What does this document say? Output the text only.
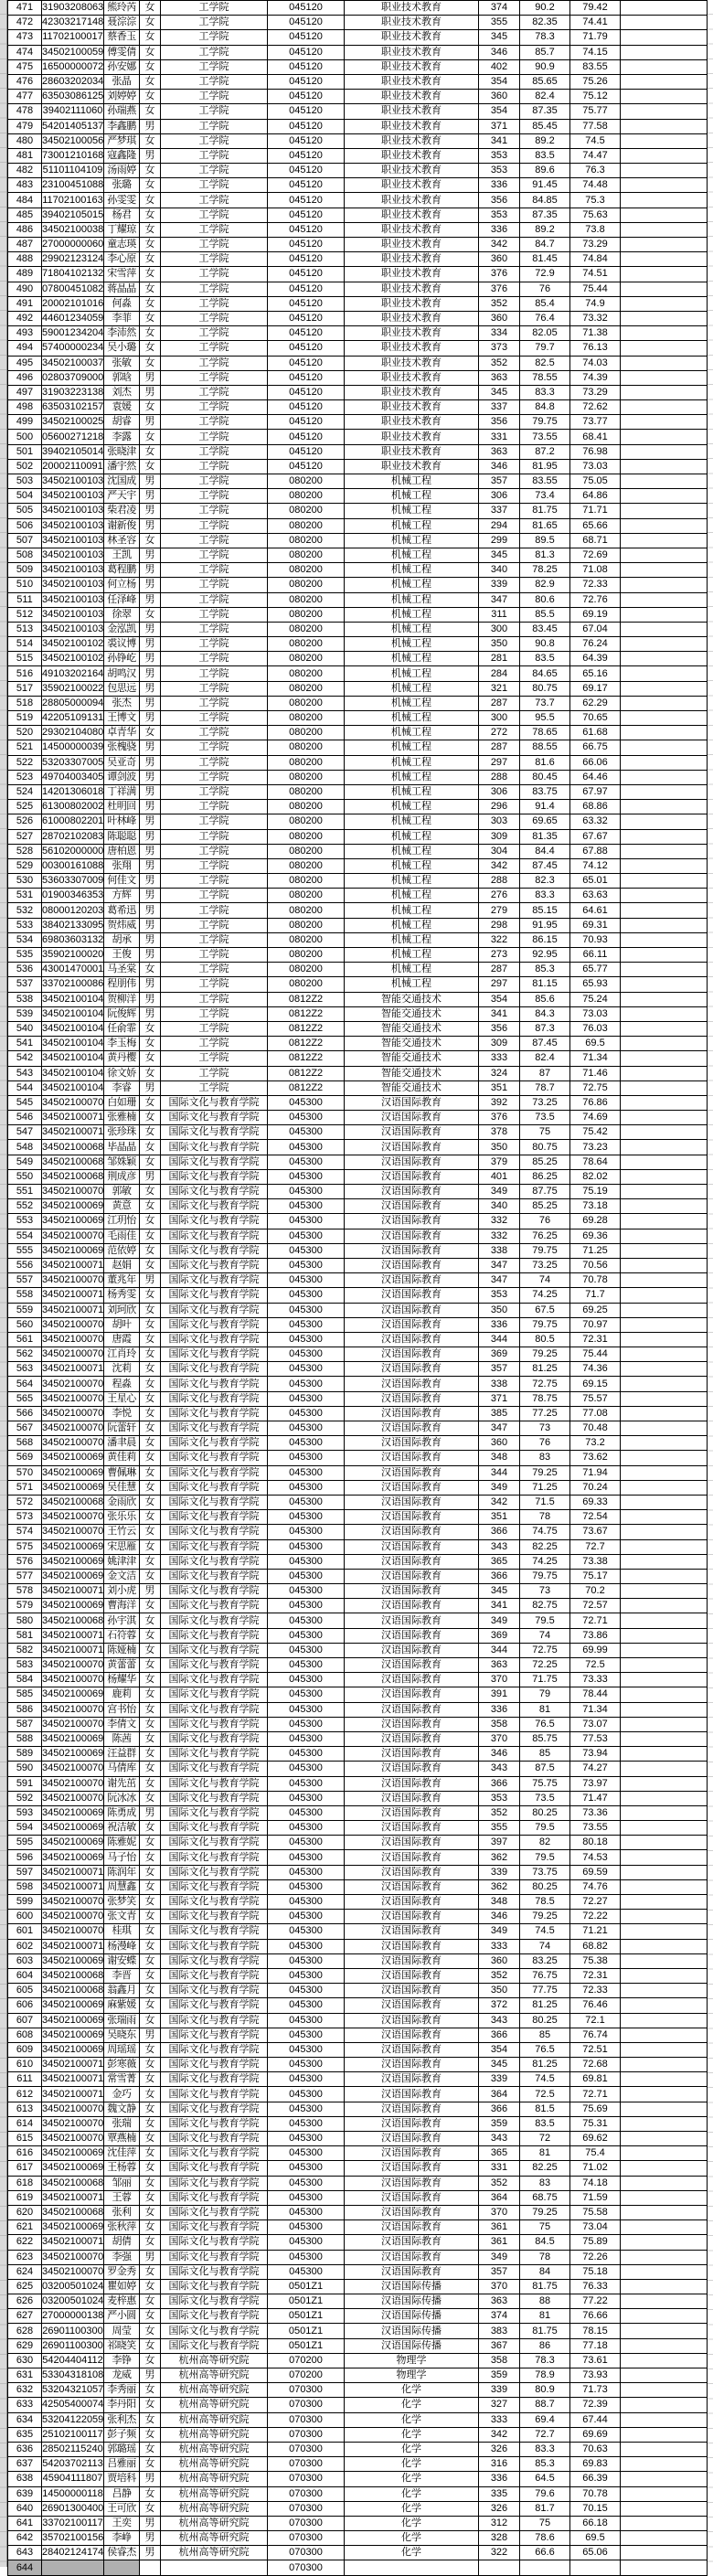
471	31903208063	熊玲芮	女	工学院	045120	职业技术教育	374	90.2	79.42	
472	42303217148	聂淙淙	女	工学院	045120	职业技术教育	355	82.35	74.41	
473	11702100017	蔡香玉	女	工学院	045120	职业技术教育	345	78.3	71.79	
474	34502100059	傅雯倩	女	工学院	045120	职业技术教育	346	85.7	74.15	
475	16500000072	孙安娜	女	工学院	045120	职业技术教育	402	90.9	83.55	
476	28603202034	张晶	女	工学院	045120	职业技术教育	354	85.65	75.26	
477	63503086125	刘婷婷	女	工学院	045120	职业技术教育	360	82.4	75.12	
478	39402111060	孙瑞燕	女	工学院	045120	职业技术教育	354	87.35	75.77	
479	54201405137	李鑫鹏	男	工学院	045120	职业技术教育	371	85.45	77.58	
480	34502100056	严梦琪	女	工学院	045120	职业技术教育	341	89.2	74.5	
481	73001210168	寇鑫隆	男	工学院	045120	职业技术教育	353	83.5	74.47	
482	51101104109	汤雨婷	女	工学院	045120	职业技术教育	353	89.6	76.3	
483	23100451088	张璐	女	工学院	045120	职业技术教育	336	91.45	74.48	
484	11702100163	孙雯雯	女	工学院	045120	职业技术教育	356	84.85	75.3	
485	39402105015	杨君	女	工学院	045120	职业技术教育	353	87.35	75.63	
486	34502100038	丁耀琼	女	工学院	045120	职业技术教育	336	89.2	73.8	
487	27000000060	童志瑛	女	工学院	045120	职业技术教育	342	84.7	73.29	
488	29902123124	李心原	女	工学院	045120	职业技术教育	360	81.45	74.84	
489	71804102132	宋雪萍	女	工学院	045120	职业技术教育	376	72.9	74.51	
490	07800451082	蒋晶晶	女	工学院	045120	职业技术教育	376	76	75.44	
491	20002101016	何淼	女	工学院	045120	职业技术教育	352	85.4	74.9	
492	44601234059	李菲	女	工学院	045120	职业技术教育	360	76.4	73.32	
493	59001234204	李沛然	女	工学院	045120	职业技术教育	334	82.05	71.38	
494	57400000234	吴小璐	女	工学院	045120	职业技术教育	373	79.7	76.13	
495	34502100037	张敏	女	工学院	045120	职业技术教育	352	82.5	74.03	
496	02803709000	郭晗	男	工学院	045120	职业技术教育	363	78.55	74.39	
497	31903223138	刘杰	男	工学院	045120	职业技术教育	345	83.3	73.29	
498	63503102157	袁媛	女	工学院	045120	职业技术教育	337	84.8	72.62	
499	34502100025	胡睿	男	工学院	045120	职业技术教育	356	79.75	73.77	
500	05600271218	李露	女	工学院	045120	职业技术教育	331	73.55	68.41	
501	39402105014	张晓津	女	工学院	045120	职业技术教育	363	87.2	76.98	
502	20002110091	潘宇然	女	工学院	045120	职业技术教育	346	81.95	73.03	
503	34502100103	沈国成	男	工学院	080200	机械工程	357	83.55	75.05	
504	34502100103	严天宇	男	工学院	080200	机械工程	306	73.4	64.86	
505	34502100103	柴君凌	男	工学院	080200	机械工程	337	81.75	71.71	
506	34502100103	谢新俊	男	工学院	080200	机械工程	294	81.65	65.66	
507	34502100103	林圣容	女	工学院	080200	机械工程	299	89.5	68.71	
508	34502100103	王凯	男	工学院	080200	机械工程	345	81.3	72.69	
509	34502100103	葛程鹏	男	工学院	080200	机械工程	340	78.25	71.08	
510	34502100103	何立杨	男	工学院	080200	机械工程	339	82.9	72.33	
511	34502100103	任泽峰	男	工学院	080200	机械工程	347	80.6	72.76	
512	34502100103	徐翠	女	工学院	080200	机械工程	311	85.5	69.19	
513	34502100103	金泓凯	男	工学院	080200	机械工程	300	83.45	67.04	
514	34502100102	裘议博	男	工学院	080200	机械工程	350	90.8	76.24	
515	34502100102	孙铮屹	男	工学院	080200	机械工程	281	83.5	64.39	
516	49103202164	胡鸣汉	男	工学院	080200	机械工程	284	84.65	65.16	
517	35902100022	包思远	男	工学院	080200	机械工程	321	80.75	69.17	
518	28805000094	张杰	男	工学院	080200	机械工程	287	73.7	62.29	
519	42205109131	王博文	男	工学院	080200	机械工程	300	95.5	70.65	
520	29302104080	卓青华	女	工学院	080200	机械工程	272	78.65	61.68	
521	14500000039	张槐骁	男	工学院	080200	机械工程	287	88.55	66.75	
522	53203307005	吴亚奇	男	工学院	080200	机械工程	297	81.6	66.06	
523	49704003405	谭剑波	男	工学院	080200	机械工程	288	80.45	64.46	
524	14201306018	丁祥满	男	工学院	080200	机械工程	306	83.75	67.97	
525	61300802002	杜明回	男	工学院	080200	机械工程	296	91.4	68.86	
526	61000802201	叶林峰	男	工学院	080200	机械工程	303	69.65	63.32	
527	28702102083	陈聪聪	男	工学院	080200	机械工程	309	81.35	67.67	
528	56102000000	唐柏恩	男	工学院	080200	机械工程	304	84.4	67.88	
529	00300161088	张翔	男	工学院	080200	机械工程	342	87.45	74.12	
530	53603307009	何佳文	男	工学院	080200	机械工程	288	82.3	65.01	
531	01900346353	方辉	男	工学院	080200	机械工程	276	83.3	63.63	
532	08000120203	葛希迅	男	工学院	080200	机械工程	279	85.15	64.61	
533	38402133095	贺炜威	男	工学院	080200	机械工程	298	91.95	69.31	
534	69803603132	胡承	男	工学院	080200	机械工程	322	86.15	70.93	
535	35902100020	王俊	男	工学院	080200	机械工程	273	92.95	66.11	
536	43001470001	马圣棠	女	工学院	080200	机械工程	287	85.3	65.77	
537	33702100086	程朋伟	男	工学院	080200	机械工程	297	81.15	65.93	
538	34502100104	贺柳洋	男	工学院	0812Z2	智能交通技术	354	85.6	75.24	
539	34502100104	阮俊辉	男	工学院	0812Z2	智能交通技术	341	84.3	73.03	
540	34502100104	任俞霏	女	工学院	0812Z2	智能交通技术	356	87.3	76.03	
541	34502100104	李玉梅	女	工学院	0812Z2	智能交通技术	309	87.45	69.5	
542	34502100104	黄丹樱	女	工学院	0812Z2	智能交通技术	333	82.4	71.34	
543	34502100104	徐文娇	女	工学院	0812Z2	智能交通技术	324	87	71.46	
544	34502100104	李睿	男	工学院	0812Z2	智能交通技术	351	78.7	72.75	
545	34502100070	白如珊	女	国际文化与教育学院	045300	汉语国际教育	392	73.25	76.86	
546	34502100071	张雅楠	女	国际文化与教育学院	045300	汉语国际教育	376	73.5	74.69	
547	34502100071	张珍珠	女	国际文化与教育学院	045300	汉语国际教育	378	75	75.42	
548	34502100068	毕晶晶	女	国际文化与教育学院	045300	汉语国际教育	350	80.75	73.23	
549	34502100068	邹姝颖	女	国际文化与教育学院	045300	汉语国际教育	379	85.25	78.64	
550	34502100068	荆成彦	男	国际文化与教育学院	045300	汉语国际教育	401	86.25	82.02	
551	34502100070	郭敏	女	国际文化与教育学院	045300	汉语国际教育	349	87.75	75.19	
552	34502100069	黄意	女	国际文化与教育学院	045300	汉语国际教育	340	85.25	73.18	
553	34502100069	江玥怡	女	国际文化与教育学院	045300	汉语国际教育	332	76	69.28	
554	34502100070	毛雨佳	女	国际文化与教育学院	045300	汉语国际教育	332	76.25	69.36	
555	34502100069	范依婷	女	国际文化与教育学院	045300	汉语国际教育	338	79.75	71.25	
556	34502100071	赵娟	女	国际文化与教育学院	045300	汉语国际教育	347	73.25	70.56	
557	34502100070	董兆年	男	国际文化与教育学院	045300	汉语国际教育	347	74	70.78	
558	34502100071	杨秀雯	女	国际文化与教育学院	045300	汉语国际教育	353	74.25	71.7	
559	34502100071	刘珂欣	女	国际文化与教育学院	045300	汉语国际教育	350	67.5	69.25	
560	34502100070	胡叶	女	国际文化与教育学院	045300	汉语国际教育	336	79.75	70.97	
561	34502100070	唐霞	女	国际文化与教育学院	045300	汉语国际教育	344	80.5	72.31	
562	34502100070	江肖玲	女	国际文化与教育学院	045300	汉语国际教育	369	79.25	75.44	
563	34502100071	沈莉	女	国际文化与教育学院	045300	汉语国际教育	357	81.25	74.36	
564	34502100070	程淼	女	国际文化与教育学院	045300	汉语国际教育	338	72.75	69.15	
565	34502100070	王星心	女	国际文化与教育学院	045300	汉语国际教育	371	78.75	75.57	
566	34502100070	李悦	女	国际文化与教育学院	045300	汉语国际教育	385	77.25	77.08	
567	34502100070	阮蕾轩	女	国际文化与教育学院	045300	汉语国际教育	347	73	70.48	
568	34502100070	潘聿晨	女	国际文化与教育学院	045300	汉语国际教育	360	76	73.2	
569	34502100069	黄佳莉	女	国际文化与教育学院	045300	汉语国际教育	348	83	73.62	
570	34502100069	曹佩琳	女	国际文化与教育学院	045300	汉语国际教育	344	79.25	71.94	
571	34502100069	吴佳慧	女	国际文化与教育学院	045300	汉语国际教育	349	71.25	70.24	
572	34502100068	金雨欣	女	国际文化与教育学院	045300	汉语国际教育	342	71.5	69.33	
573	34502100070	张乐乐	女	国际文化与教育学院	045300	汉语国际教育	351	78	72.54	
574	34502100070	王竹云	女	国际文化与教育学院	045300	汉语国际教育	366	74.75	73.67	
575	34502100069	宋思雁	女	国际文化与教育学院	045300	汉语国际教育	343	82.25	72.7	
576	34502100069	姚津津	女	国际文化与教育学院	045300	汉语国际教育	365	74.25	73.38	
577	34502100069	金文洁	女	国际文化与教育学院	045300	汉语国际教育	366	79.75	75.17	
578	34502100071	刘小虎	男	国际文化与教育学院	045300	汉语国际教育	345	73	70.2	
579	34502100069	曹海洋	女	国际文化与教育学院	045300	汉语国际教育	341	82.75	72.57	
580	34502100068	孙宇淇	女	国际文化与教育学院	045300	汉语国际教育	349	79.5	72.71	
581	34502100071	石符蓉	女	国际文化与教育学院	045300	汉语国际教育	369	74	73.86	
582	34502100071	陈娅楠	女	国际文化与教育学院	045300	汉语国际教育	344	72.75	69.99	
583	34502100070	黄蕾蕾	女	国际文化与教育学院	045300	汉语国际教育	363	72.25	72.5	
584	34502100070	杨耀华	女	国际文化与教育学院	045300	汉语国际教育	370	71.75	73.33	
585	34502100069	鹿莉	女	国际文化与教育学院	045300	汉语国际教育	391	79	78.44	
586	34502100070	宫书怡	女	国际文化与教育学院	045300	汉语国际教育	336	81	71.34	
587	34502100070	李倩文	女	国际文化与教育学院	045300	汉语国际教育	358	76.5	73.07	
588	34502100069	陈茜	女	国际文化与教育学院	045300	汉语国际教育	370	85.75	77.53	
589	34502100069	汪益群	女	国际文化与教育学院	045300	汉语国际教育	346	85	73.94	
590	34502100070	马倩库	女	国际文化与教育学院	045300	汉语国际教育	343	87.5	74.27	
591	34502100070	谢先茁	女	国际文化与教育学院	045300	汉语国际教育	366	75.75	73.97	
592	34502100070	阮冰冰	女	国际文化与教育学院	045300	汉语国际教育	353	73.5	71.47	
593	34502100069	陈勇成	男	国际文化与教育学院	045300	汉语国际教育	352	80.25	73.36	
594	34502100069	祝洁敏	女	国际文化与教育学院	045300	汉语国际教育	355	79.5	73.55	
595	34502100069	陈雅妮	女	国际文化与教育学院	045300	汉语国际教育	397	82	80.18	
596	34502100069	马子怡	女	国际文化与教育学院	045300	汉语国际教育	362	79.5	74.53	
597	34502100071	陈润年	女	国际文化与教育学院	045300	汉语国际教育	339	73.75	69.59	
598	34502100071	周慧鑫	女	国际文化与教育学院	045300	汉语国际教育	362	80.25	74.76	
599	34502100070	张梦笑	女	国际文化与教育学院	045300	汉语国际教育	348	78.5	72.27	
600	34502100070	张文青	女	国际文化与教育学院	045300	汉语国际教育	346	79.25	72.22	
601	34502100070	桂琪	女	国际文化与教育学院	045300	汉语国际教育	349	74.5	71.21	
602	34502100071	杨漫峰	女	国际文化与教育学院	045300	汉语国际教育	333	74	68.82	
603	34502100069	谢安蝶	女	国际文化与教育学院	045300	汉语国际教育	360	83.25	75.38	
604	34502100068	李晋	女	国际文化与教育学院	045300	汉语国际教育	352	76.75	72.31	
605	34502100068	翁鑫月	女	国际文化与教育学院	045300	汉语国际教育	350	77.75	72.33	
606	34502100069	麻紫媛	女	国际文化与教育学院	045300	汉语国际教育	372	81.25	76.46	
607	34502100069	张瑞雨	女	国际文化与教育学院	045300	汉语国际教育	343	80.25	72.1	
608	34502100069	吴晓东	男	国际文化与教育学院	045300	汉语国际教育	366	85	76.74	
609	34502100069	周瑶瑶	女	国际文化与教育学院	045300	汉语国际教育	354	76.5	72.51	
610	34502100071	彭寒薇	女	国际文化与教育学院	045300	汉语国际教育	345	81.25	72.68	
611	34502100071	常雪菁	女	国际文化与教育学院	045300	汉语国际教育	339	74.5	69.81	
612	34502100071	金巧	女	国际文化与教育学院	045300	汉语国际教育	364	72.5	72.71	
613	34502100070	魏文静	女	国际文化与教育学院	045300	汉语国际教育	366	81.5	75.69	
614	34502100070	张瑞	女	国际文化与教育学院	045300	汉语国际教育	359	83.5	75.31	
615	34502100070	覃燕楠	女	国际文化与教育学院	045300	汉语国际教育	343	72	69.62	
616	34502100069	沈佳萍	女	国际文化与教育学院	045300	汉语国际教育	365	81	75.4	
617	34502100069	王杨蓉	女	国际文化与教育学院	045300	汉语国际教育	331	82.25	71.02	
618	34502100068	邹丽	女	国际文化与教育学院	045300	汉语国际教育	352	83	74.18	
619	34502100071	王蓉	女	国际文化与教育学院	045300	汉语国际教育	364	68.75	71.59	
620	34502100068	张利	女	国际文化与教育学院	045300	汉语国际教育	370	79.25	75.58	
621	34502100069	张秋萍	女	国际文化与教育学院	045300	汉语国际教育	361	75	73.04	
622	34502100071	胡倩	女	国际文化与教育学院	045300	汉语国际教育	361	84.5	75.89	
623	34502100070	李强	男	国际文化与教育学院	045300	汉语国际教育	349	78	72.26	
624	34502100070	罗金秀	女	国际文化与教育学院	045300	汉语国际教育	357	84	75.18	
625	03200501024	瞿如婷	女	国际文化与教育学院	0501Z1	汉语国际传播	370	81.75	76.33	
626	03200501024	麦梓惠	女	国际文化与教育学院	0501Z1	汉语国际传播	363	88	77.22	
627	27000000138	严小圆	女	国际文化与教育学院	0501Z1	汉语国际传播	374	81	76.66	
628	26901100300	周莹	女	国际文化与教育学院	0501Z1	汉语国际传播	383	81.75	78.15	
629	26901100300	祁晓笑	女	国际文化与教育学院	0501Z1	汉语国际传播	367	86	77.18	
630	54204404112	李铮	女	杭州高等研究院	070200	物理学	358	78.3	73.61	
631	53304318108	龙威	男	杭州高等研究院	070200	物理学	359	78.9	73.93	
632	53204321057	李秀丽	女	杭州高等研究院	070300	化学	339	80.9	71.73	
633	42505400074	李丹阳	女	杭州高等研究院	070300	化学	327	88.7	72.39	
634	53204122059	张利杰	女	杭州高等研究院	070300	化学	333	69.4	67.44	
635	25102100117	彭子频	女	杭州高等研究院	070300	化学	342	72.7	69.69	
636	28502115240	郭璐瑶	女	杭州高等研究院	070300	化学	326	83.3	70.63	
637	54203702113	吕雅丽	女	杭州高等研究院	070300	化学	316	85.3	69.83	
638	45904111807	贾培科	男	杭州高等研究院	070300	化学	336	64.5	66.39	
639	14500000118	吕静	女	杭州高等研究院	070300	化学	335	79.6	70.78	
640	26901300400	王可欣	女	杭州高等研究院	070300	化学	326	81.7	70.15	
641	33702100117	王奕	男	杭州高等研究院	070300	化学	312	75	66.18	
642	35702100156	李峥	男	杭州高等研究院	070300	化学	328	78.6	69.5	
643	28402124174	侯睿杰	男	杭州高等研究院	070300	化学	322	66.6	65.06	
644					070300					
